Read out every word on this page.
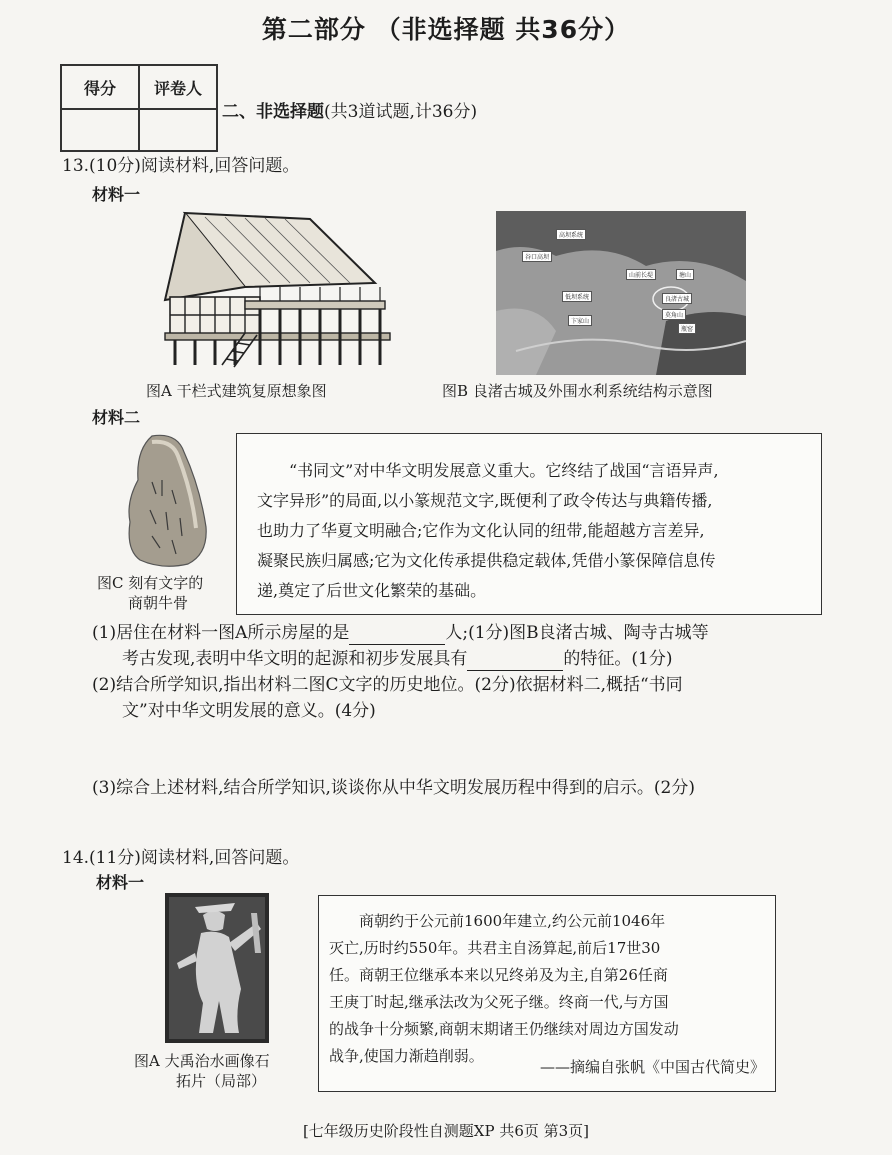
第二部分 （非选择题 共36分）
得分	评卷人

二、非选择题(共3道试题,计36分)
13.(10分)阅读材料,回答问题。
材料一
图A 干栏式建筑复原想象图
高坝系统
谷口高坝
低坝系统
山前长堤
良渚古城
塘山
卞家山
莫角山
瓶窑
图B 良渚古城及外围水利系统结构示意图
材料二
图C 刻有文字的
商朝牛骨
“书同文”对中华文明发展意义重大。它终结了战国“言语异声,
文字异形”的局面,以小篆规范文字,既便利了政令传达与典籍传播,
也助力了华夏文明融合;它作为文化认同的纽带,能超越方言差异,
凝聚民族归属感;它为文化传承提供稳定载体,凭借小篆保障信息传
递,奠定了后世文化繁荣的基础。
(1)居住在材料一图A所示房屋的是	人;(1分)图B良渚古城、陶寺古城等
考古发现,表明中华文明的起源和初步发展具有	的特征。(1分)
(2)结合所学知识,指出材料二图C文字的历史地位。(2分)依据材料二,概括“书同
文”对中华文明发展的意义。(4分)
(3)综合上述材料,结合所学知识,谈谈你从中华文明发展历程中得到的启示。(2分)
14.(11分)阅读材料,回答问题。
材料一
图A 大禹治水画像石
拓片（局部）
商朝约于公元前1600年建立,约公元前1046年
灭亡,历时约550年。共君主自汤算起,前后17世30
任。商朝王位继承本来以兄终弟及为主,自第26任商
王庚丁时起,继承法改为父死子继。终商一代,与方国
的战争十分频繁,商朝末期诸王仍继续对周边方国发动
战争,使国力渐趋削弱。
——摘编自张帆《中国古代简史》
[七年级历史阶段性自测题XP 共6页 第3页]
